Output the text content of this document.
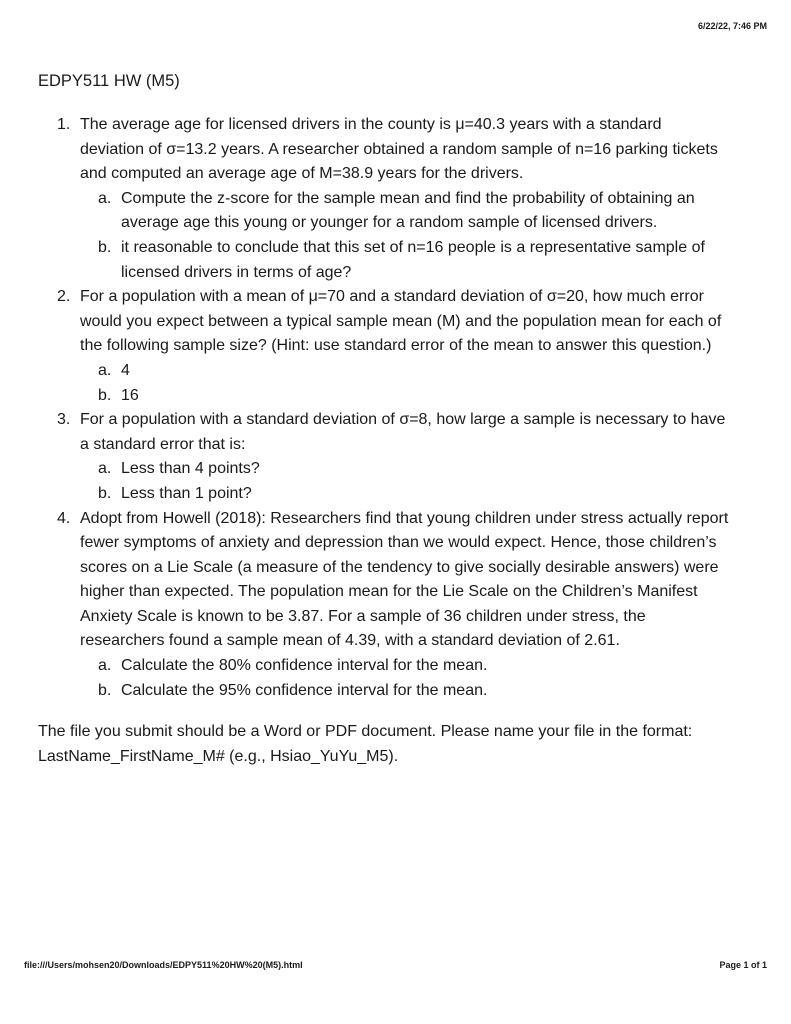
6/22/22, 7:46 PM
EDPY511 HW (M5)
1. The average age for licensed drivers in the county is μ=40.3 years with a standard
deviation of σ=13.2 years. A researcher obtained a random sample of n=16 parking tickets
and computed an average age of M=38.9 years for the drivers.
a. Compute the z-score for the sample mean and find the probability of obtaining an
average age this young or younger for a random sample of licensed drivers.
b. it reasonable to conclude that this set of n=16 people is a representative sample of
licensed drivers in terms of age?
2. For a population with a mean of μ=70 and a standard deviation of σ=20, how much error
would you expect between a typical sample mean (M) and the population mean for each of
the following sample size? (Hint: use standard error of the mean to answer this question.)
a. 4
b. 16
3. For a population with a standard deviation of σ=8, how large a sample is necessary to have
a standard error that is:
a. Less than 4 points?
b. Less than 1 point?
4. Adopt from Howell (2018): Researchers find that young children under stress actually report
fewer symptoms of anxiety and depression than we would expect. Hence, those children’s
scores on a Lie Scale (a measure of the tendency to give socially desirable answers) were
higher than expected. The population mean for the Lie Scale on the Children’s Manifest
Anxiety Scale is known to be 3.87. For a sample of 36 children under stress, the
researchers found a sample mean of 4.39, with a standard deviation of 2.61.
a. Calculate the 80% confidence interval for the mean.
b. Calculate the 95% confidence interval for the mean.
The file you submit should be a Word or PDF document. Please name your file in the format:
LastName_FirstName_M# (e.g., Hsiao_YuYu_M5).
file:///Users/mohsen20/Downloads/EDPY511%20HW%20(M5).html	Page 1 of 1
